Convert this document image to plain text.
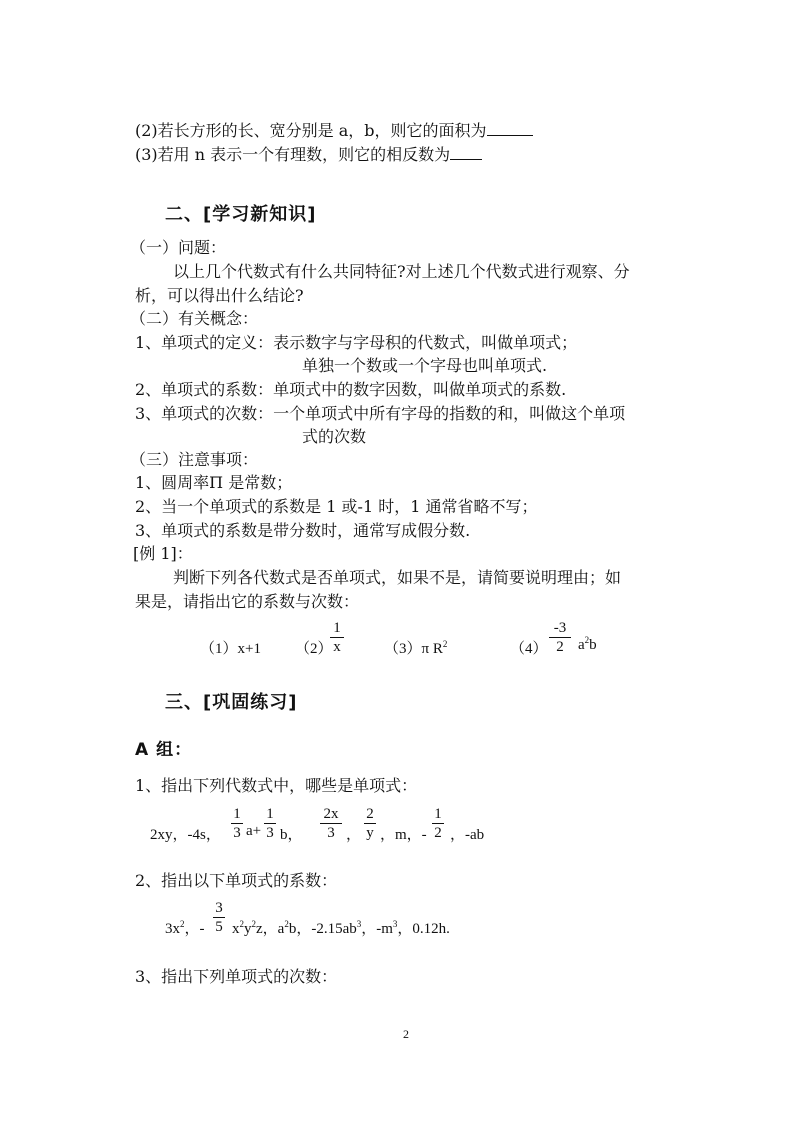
(2)若长方形的长、宽分别是 a，b，则它的面积为
(3)若用 n 表示一个有理数，则它的相反数为
二、[学习新知识]
（一）问题：
以上几个代数式有什么共同特征?对上述几个代数式进行观察、分
析，可以得出什么结论?
（二）有关概念：
1、单项式的定义：表示数字与字母积的代数式，叫做单项式；
单独一个数或一个字母也叫单项式.
2、单项式的系数：单项式中的数字因数，叫做单项式的系数.
3、单项式的次数：一个单项式中所有字母的指数的和，叫做这个单项
式的次数
（三）注意事项：
1、圆周率Π 是常数；
2、当一个单项式的系数是 1 或-1 时，1 通常省略不写；
3、单项式的系数是带分数时，通常写成假分数.
[例 1]：
判断下列各代数式是否单项式，如果不是，请简要说明理由；如
果是，请指出它的系数与次数：
（1）x+1 （2）
1
x	（3）π $R^2$	（4）
-3
2 $a^2b$
三、[巩固练习]
A 组：
1、指出下列代数式中，哪些是单项式：
2xy，-4s，
1
3 a+
1
3 b，
2x
3 ，
2
y ，m，-
1
2 ，-ab
2、指出以下单项式的系数：
$3x^2$，-
3
5 $x^2y^2z$，$a^2b$，$-2.15ab^3$，$-m^3$，0.12h.
3、指出下列单项式的次数：
2
